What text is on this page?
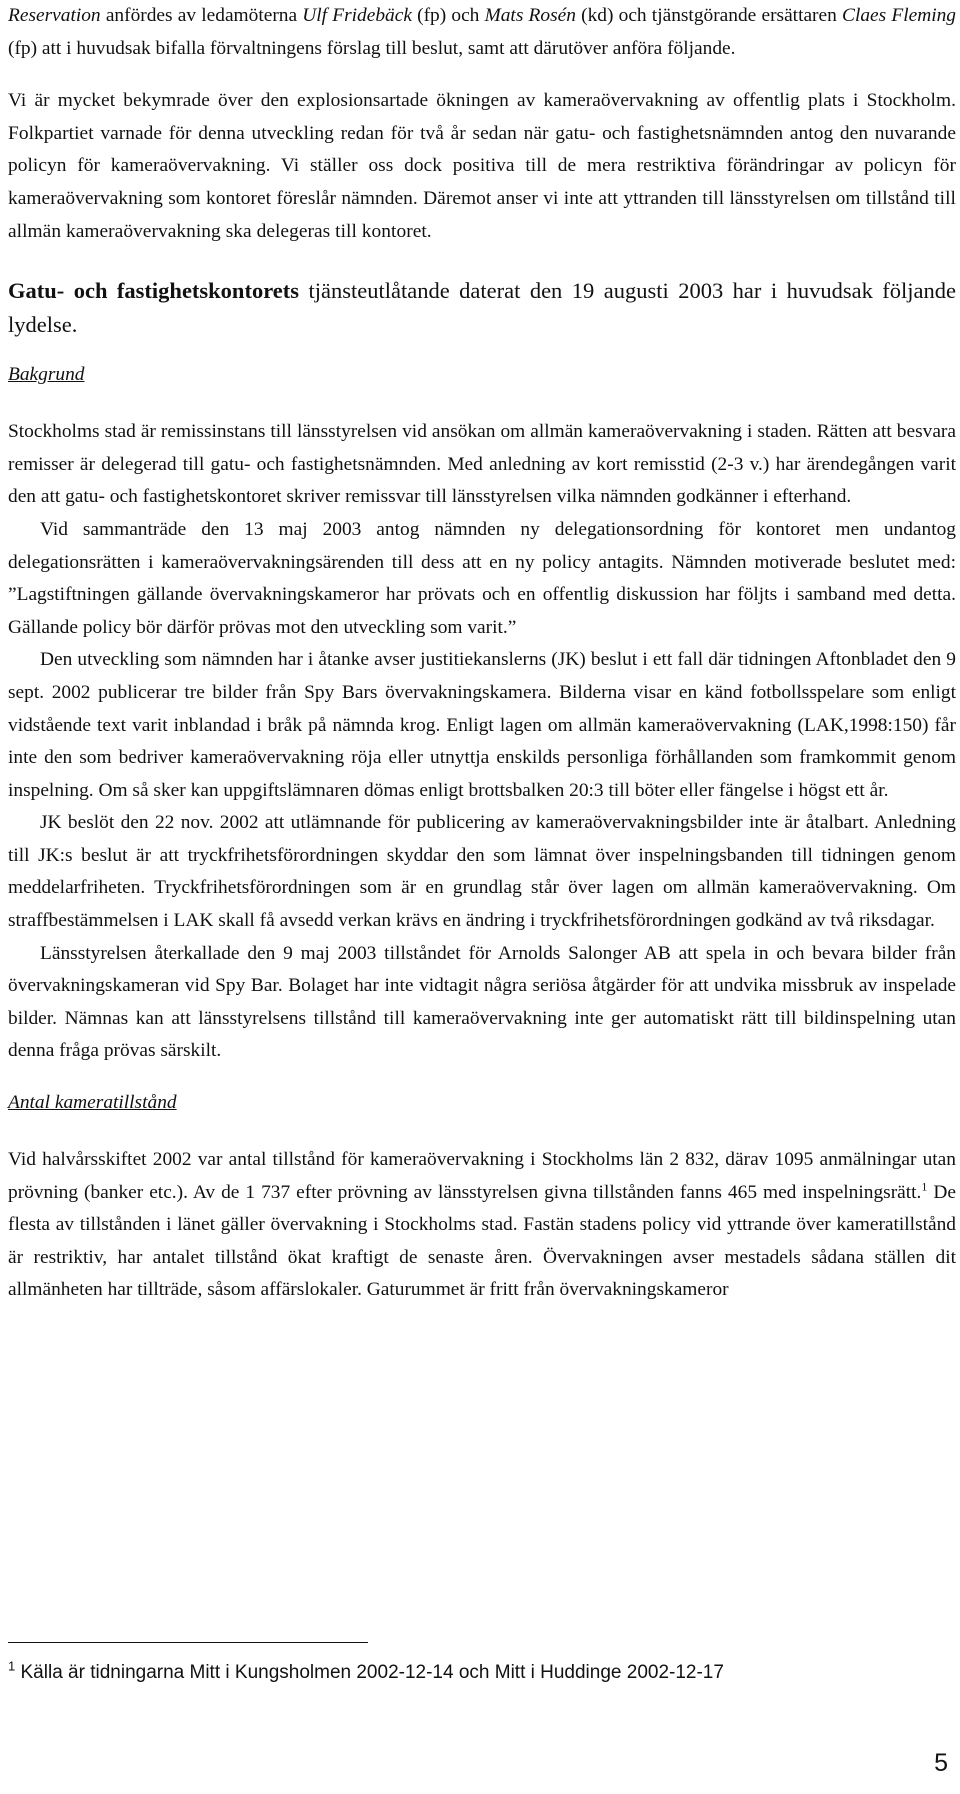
Reservation anfördes av ledamöterna Ulf Fridebäck (fp) och Mats Rosén (kd) och tjänstgörande ersättaren Claes Fleming (fp) att i huvudsak bifalla förvaltningens förslag till beslut, samt att därutöver anföra följande.

Vi är mycket bekymrade över den explosionsartade ökningen av kameraövervakning av offentlig plats i Stockholm. Folkpartiet varnade för denna utveckling redan för två år sedan när gatu- och fastighetsnämnden antog den nuvarande policyn för kameraövervakning. Vi ställer oss dock positiva till de mera restriktiva förändringar av policyn för kameraövervakning som kontoret föreslår nämnden. Däremot anser vi inte att yttranden till länsstyrelsen om tillstånd till allmän kameraövervakning ska delegeras till kontoret.

Gatu- och fastighetskontorets tjänsteutlåtande daterat den 19 augusti 2003 har i huvudsak följande lydelse.

Bakgrund

Stockholms stad är remissinstans till länsstyrelsen vid ansökan om allmän kameraövervakning i staden. Rätten att besvara remisser är delegerad till gatu- och fastighetsnämnden. Med anledning av kort remisstid (2-3 v.) har ärendegången varit den att gatu- och fastighetskontoret skriver remissvar till länsstyrelsen vilka nämnden godkänner i efterhand.

Vid sammanträde den 13 maj 2003 antog nämnden ny delegationsordning för kontoret men undantog delegationsrätten i kameraövervakningsärenden till dess att en ny policy antagits. Nämnden motiverade beslutet med: ”Lagstiftningen gällande övervakningskameror har prövats och en offentlig diskussion har följts i samband med detta. Gällande policy bör därför prövas mot den utveckling som varit.”

Den utveckling som nämnden har i åtanke avser justitiekanslerns (JK) beslut i ett fall där tidningen Aftonbladet den 9 sept. 2002 publicerar tre bilder från Spy Bars övervakningskamera. Bilderna visar en känd fotbollsspelare som enligt vidstående text varit inblandad i bråk på nämnda krog. Enligt lagen om allmän kameraövervakning (LAK,1998:150) får inte den som bedriver kameraövervakning röja eller utnyttja enskilds personliga förhållanden som framkommit genom inspelning. Om så sker kan uppgiftslämnaren dömas enligt brottsbalken 20:3 till böter eller fängelse i högst ett år.

JK beslöt den 22 nov. 2002 att utlämnande för publicering av kameraövervakningsbilder inte är åtalbart. Anledning till JK:s beslut är att tryckfrihetsförordningen skyddar den som lämnat över inspelningsbanden till tidningen genom meddelarfriheten. Tryckfrihetsförordningen som är en grundlag står över lagen om allmän kameraövervakning. Om straffbestämmelsen i LAK skall få avsedd verkan krävs en ändring i tryckfrihetsförordningen godkänd av två riksdagar.

Länsstyrelsen återkallade den 9 maj 2003 tillståndet för Arnolds Salonger AB att spela in och bevara bilder från övervakningskameran vid Spy Bar. Bolaget har inte vidtagit några seriösa åtgärder för att undvika missbruk av inspelade bilder. Nämnas kan att länsstyrelsens tillstånd till kameraövervakning inte ger automatiskt rätt till bildinspelning utan denna fråga prövas särskilt.

Antal kameratillstånd

Vid halvårsskiftet 2002 var antal tillstånd för kameraövervakning i Stockholms län 2 832, därav 1095 anmälningar utan prövning (banker etc.). Av de 1 737 efter prövning av länsstyrelsen givna tillstånden fanns 465 med inspelningsrätt.$^1$ De flesta av tillstånden i länet gäller övervakning i Stockholms stad. Fastän stadens policy vid yttrande över kameratillstånd är restriktiv, har antalet tillstånd ökat kraftigt de senaste åren. Övervakningen avser mestadels sådana ställen dit allmänheten har tillträde, såsom affärslokaler. Gaturummet är fritt från övervakningskameror

$^1$ Källa är tidningarna Mitt i Kungsholmen 2002-12-14 och Mitt i Huddinge 2002-12-17
5
